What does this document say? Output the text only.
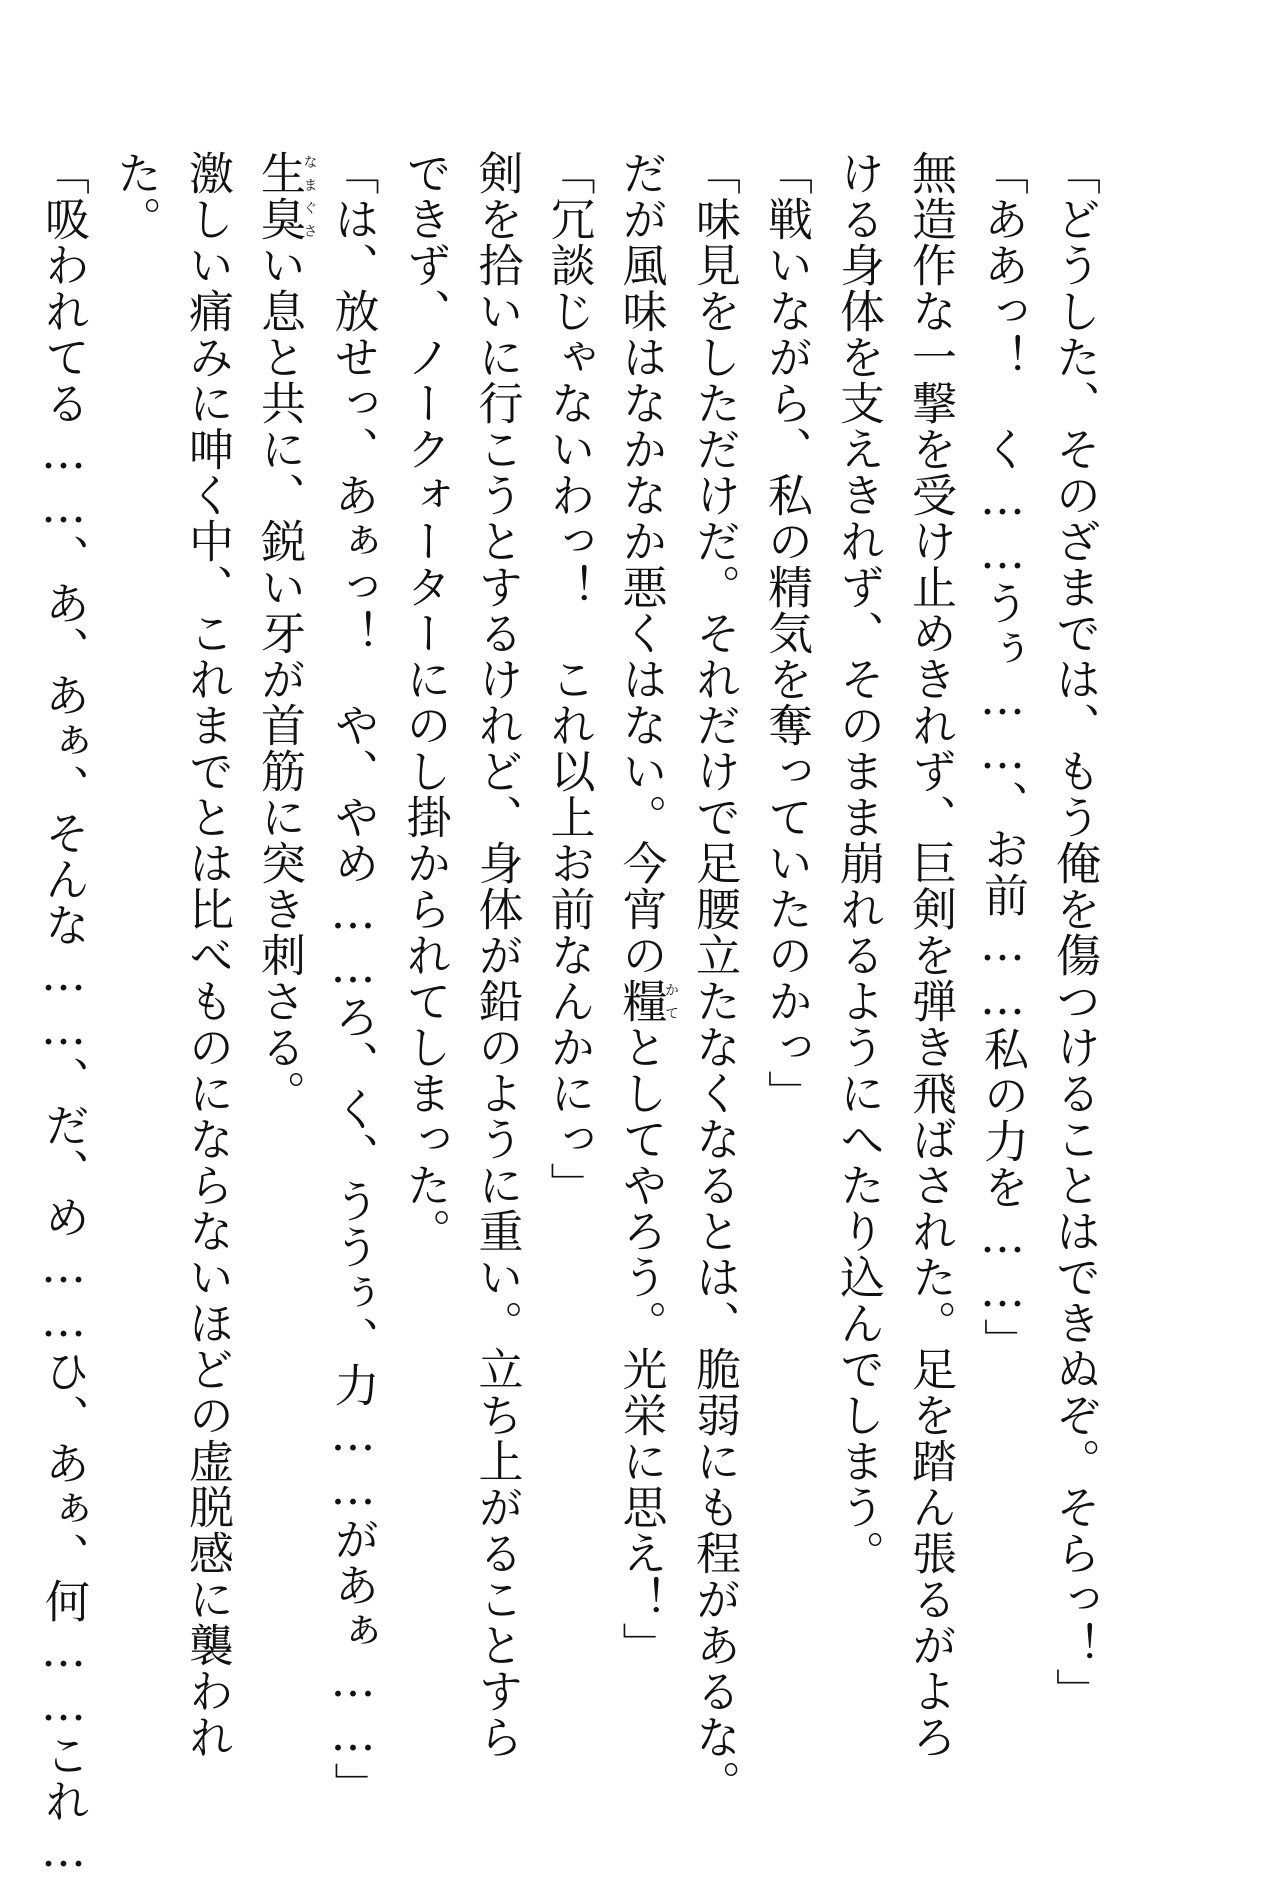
「どうした、そのざまでは、もう俺を傷つけることはできぬぞ。そらっ！」

「ああっ！　く……うぅ……、お前……私の力を……」

無造作な一撃を受け止めきれず、巨剣を弾き飛ばされた。足を踏ん張るがよろ

ける身体を支えきれず、そのまま崩れるようにへたり込んでしまう。

「戦いながら、私の精気を奪っていたのかっ」

「味見をしただけだ。それだけで足腰立たなくなるとは、脆弱にも程があるな。

だが風味はなかなか悪くはない。今宵の糧かてとしてやろう。光栄に思え！」

「冗談じゃないわっ！　これ以上お前なんかにっ」

剣を拾いに行こうとするけれど、身体が鉛のように重い。立ち上がることすら

できず、ノークォーターにのし掛かられてしまった。

「は、放せっ、あぁっ！　や、やめ……ろ、く、ううぅ、力……があぁ……」

生臭なまぐさい息と共に、鋭い牙が首筋に突き刺さる。

激しい痛みに呻く中、これまでとは比べものにならないほどの虚脱感に襲われ

た。

「吸われてる……、あ、あぁ、そんな……、だ、め……ひ、あぁ、何……これ…
